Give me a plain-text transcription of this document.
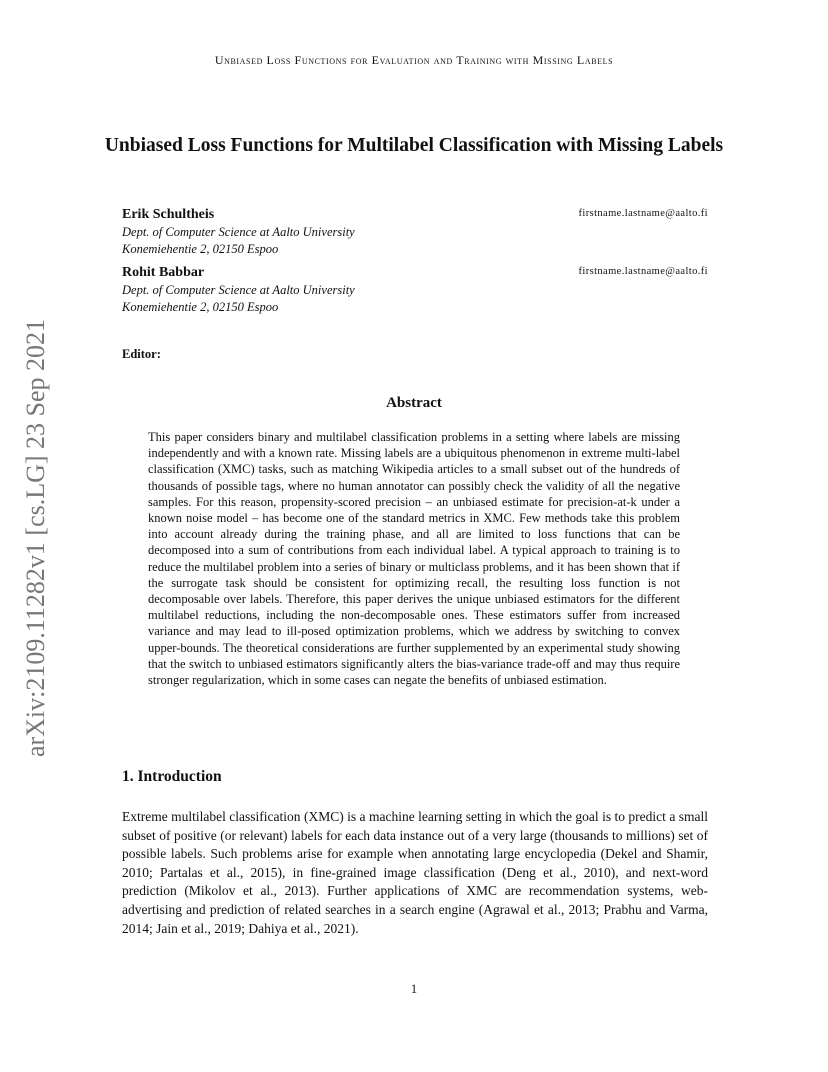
Unbiased Loss Functions for Evaluation and Training with Missing Labels
arXiv:2109.11282v1 [cs.LG] 23 Sep 2021
Unbiased Loss Functions for Multilabel Classification with Missing Labels
Erik Schultheis	firstname.lastname@aalto.fi
Dept. of Computer Science at Aalto University
Konemiehentie 2, 02150 Espoo
Rohit Babbar	firstname.lastname@aalto.fi
Dept. of Computer Science at Aalto University
Konemiehentie 2, 02150 Espoo
Editor:
Abstract
This paper considers binary and multilabel classification problems in a setting where labels are missing independently and with a known rate. Missing labels are a ubiquitous phenomenon in extreme multi-label classification (XMC) tasks, such as matching Wikipedia articles to a small subset out of the hundreds of thousands of possible tags, where no human annotator can possibly check the validity of all the negative samples. For this reason, propensity-scored precision – an unbiased estimate for precision-at-k under a known noise model – has become one of the standard metrics in XMC. Few methods take this problem into account already during the training phase, and all are limited to loss functions that can be decomposed into a sum of contributions from each individual label. A typical approach to training is to reduce the multilabel problem into a series of binary or multiclass problems, and it has been shown that if the surrogate task should be consistent for optimizing recall, the resulting loss function is not decomposable over labels. Therefore, this paper derives the unique unbiased estimators for the different multilabel reductions, including the non-decomposable ones. These estimators suffer from increased variance and may lead to ill-posed optimization problems, which we address by switching to convex upper-bounds. The theoretical considerations are further supplemented by an experimental study showing that the switch to unbiased estimators significantly alters the bias-variance trade-off and may thus require stronger regularization, which in some cases can negate the benefits of unbiased estimation.
1. Introduction
Extreme multilabel classification (XMC) is a machine learning setting in which the goal is to predict a small subset of positive (or relevant) labels for each data instance out of a very large (thousands to millions) set of possible labels. Such problems arise for example when annotating large encyclopedia (Dekel and Shamir, 2010; Partalas et al., 2015), in fine-grained image classification (Deng et al., 2010), and next-word prediction (Mikolov et al., 2013). Further applications of XMC are recommendation systems, web-advertising and prediction of related searches in a search engine (Agrawal et al., 2013; Prabhu and Varma, 2014; Jain et al., 2019; Dahiya et al., 2021).
1
